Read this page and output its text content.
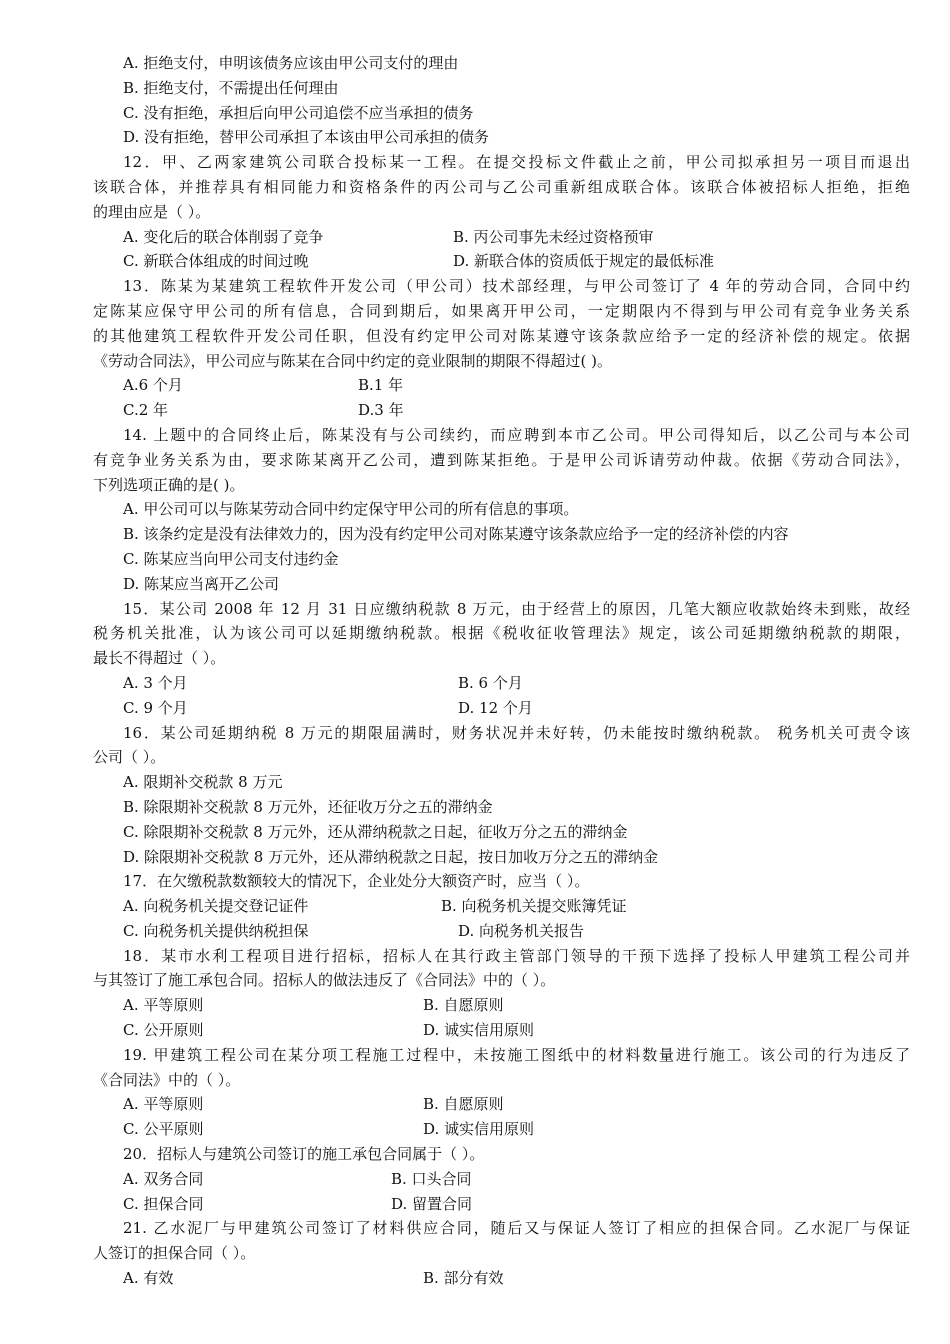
A. 拒绝支付，申明该债务应该由甲公司支付的理由
B. 拒绝支付，不需提出任何理由
C. 没有拒绝，承担后向甲公司追偿不应当承担的债务
D. 没有拒绝，替甲公司承担了本该由甲公司承担的债务
12．甲、乙两家建筑公司联合投标某一工程。在提交投标文件截止之前，甲公司拟承担另一项目而退出
该联合体，并推荐具有相同能力和资格条件的丙公司与乙公司重新组成联合体。该联合体被招标人拒绝，拒绝
的理由应是（ ）。
A. 变化后的联合体削弱了竞争	B. 丙公司事先未经过资格预审
C. 新联合体组成的时间过晚	D. 新联合体的资质低于规定的最低标准
13．陈某为某建筑工程软件开发公司（甲公司）技术部经理，与甲公司签订了 4 年的劳动合同，合同中约
定陈某应保守甲公司的所有信息，合同到期后，如果离开甲公司，一定期限内不得到与甲公司有竞争业务关系
的其他建筑工程软件开发公司任职，但没有约定甲公司对陈某遵守该条款应给予一定的经济补偿的规定。依据
《劳动合同法》，甲公司应与陈某在合同中约定的竞业限制的期限不得超过( )。
A.6 个月	B.1 年
C.2 年	D.3 年
14. 上题中的合同终止后，陈某没有与公司续约，而应聘到本市乙公司。甲公司得知后，以乙公司与本公司
有竞争业务关系为由，要求陈某离开乙公司，遭到陈某拒绝。于是甲公司诉请劳动仲裁。依据《劳动合同法》，
下列选项正确的是( )。
A. 甲公司可以与陈某劳动合同中约定保守甲公司的所有信息的事项。
B. 该条约定是没有法律效力的，因为没有约定甲公司对陈某遵守该条款应给予一定的经济补偿的内容
C. 陈某应当向甲公司支付违约金
D. 陈某应当离开乙公司
15．某公司 2008 年 12 月 31 日应缴纳税款 8 万元，由于经营上的原因，几笔大额应收款始终未到账，故经
税务机关批准，认为该公司可以延期缴纳税款。根据《税收征收管理法》规定，该公司延期缴纳税款的期限，
最长不得超过（ ）。
A. 3 个月	B. 6 个月
C. 9 个月	D. 12 个月
16．某公司延期纳税 8 万元的期限届满时，财务状况并未好转，仍未能按时缴纳税款。 税务机关可责令该
公司（ ）。
A. 限期补交税款 8 万元
B. 除限期补交税款 8 万元外，还征收万分之五的滞纳金
C. 除限期补交税款 8 万元外，还从滞纳税款之日起，征收万分之五的滞纳金
D. 除限期补交税款 8 万元外，还从滞纳税款之日起，按日加收万分之五的滞纳金
17．在欠缴税款数额较大的情况下，企业处分大额资产时，应当（ ）。
A. 向税务机关提交登记证件	B. 向税务机关提交账簿凭证
C. 向税务机关提供纳税担保	D. 向税务机关报告
18．某市水利工程项目进行招标，招标人在其行政主管部门领导的干预下选择了投标人甲建筑工程公司并
与其签订了施工承包合同。招标人的做法违反了《合同法》中的（ ）。
A. 平等原则	B. 自愿原则
C. 公开原则	D. 诚实信用原则
19. 甲建筑工程公司在某分项工程施工过程中，未按施工图纸中的材料数量进行施工。该公司的行为违反了
《合同法》中的（ ）。
A. 平等原则	B. 自愿原则
C. 公平原则	D. 诚实信用原则
20．招标人与建筑公司签订的施工承包合同属于（ ）。
A. 双务合同	B. 口头合同
C. 担保合同	D. 留置合同
21. 乙水泥厂与甲建筑公司签订了材料供应合同，随后又与保证人签订了相应的担保合同。乙水泥厂与保证
人签订的担保合同（ ）。
A. 有效	B. 部分有效
